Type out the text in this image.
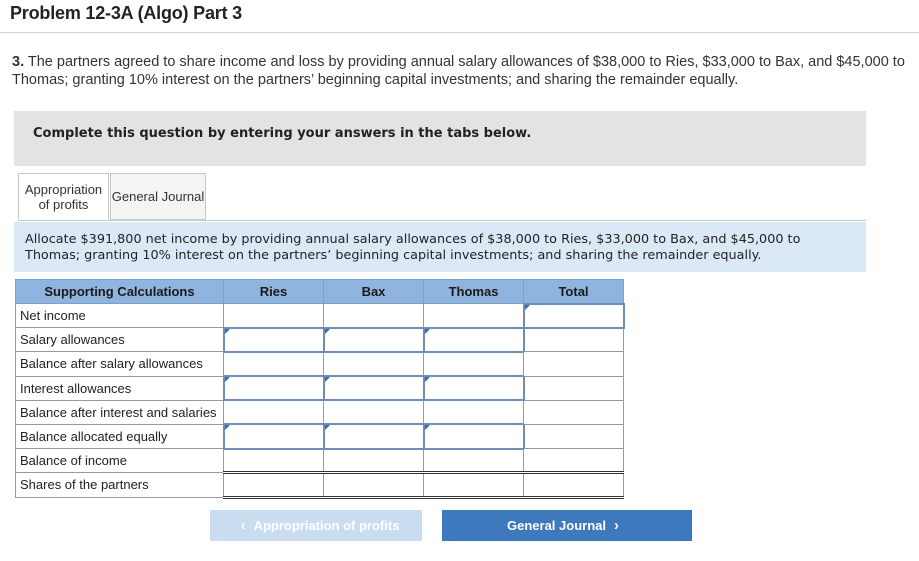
Problem 12-3A (Algo) Part 3
3. The partners agreed to share income and loss by providing annual salary allowances of $38,000 to Ries, $33,000 to Bax, and $45,000 to Thomas; granting 10% interest on the partners’ beginning capital investments; and sharing the remainder equally.
Complete this question by entering your answers in the tabs below.
Appropriation of profits	General Journal
Allocate $391,800 net income by providing annual salary allowances of $38,000 to Ries, $33,000 to Bax, and $45,000 to Thomas; granting 10% interest on the partners’ beginning capital investments; and sharing the remainder equally.
Supporting Calculations	Ries	Bax	Thomas	Total
Net income				
Salary allowances				
Balance after salary allowances				
Interest allowances				
Balance after interest and salaries				
Balance allocated equally				
Balance of income				
Shares of the partners				
‹ Appropriation of profits	General Journal ›
